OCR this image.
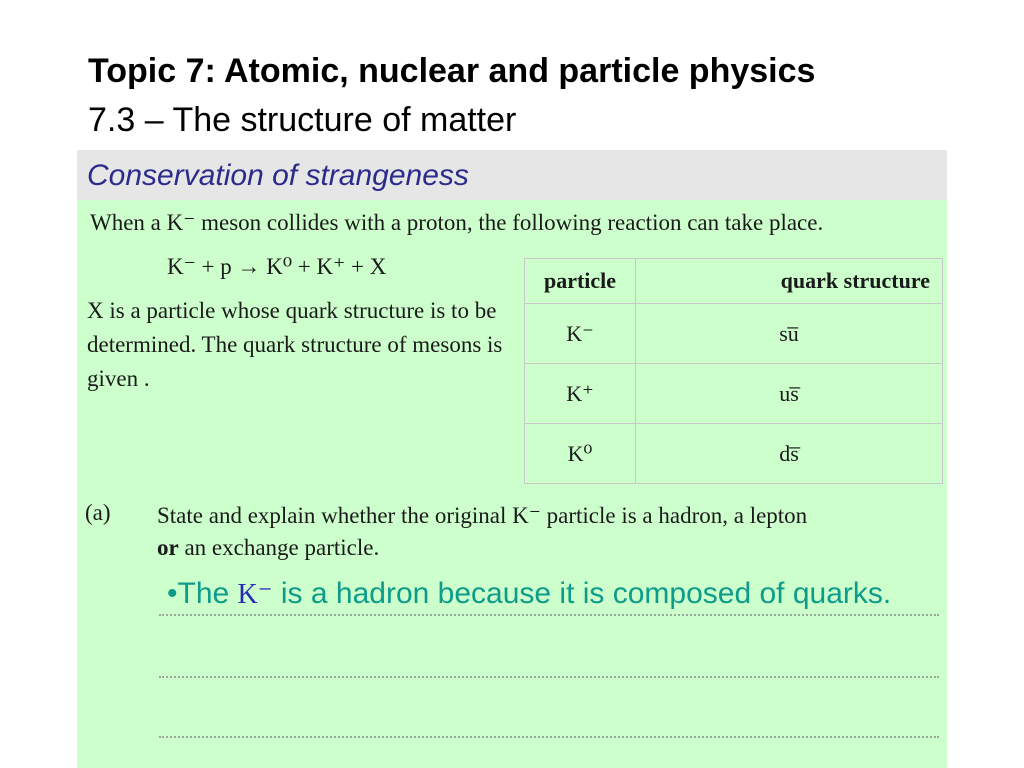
Topic 7: Atomic, nuclear and particle physics
7.3 – The structure of matter
Conservation of strangeness
When a K⁻ meson collides with a proton, the following reaction can take place.
K⁻ + p → K⁰ + K⁺ + X
X is a particle whose quark structure is to be determined. The quark structure of mesons is given .
particle	quark structure
K⁻	su̅
K⁺	us̅
K⁰	ds̅
(a) State and explain whether the original K⁻ particle is a hadron, a lepton
or an exchange particle.
•The K⁻ is a hadron because it is composed of quarks.
